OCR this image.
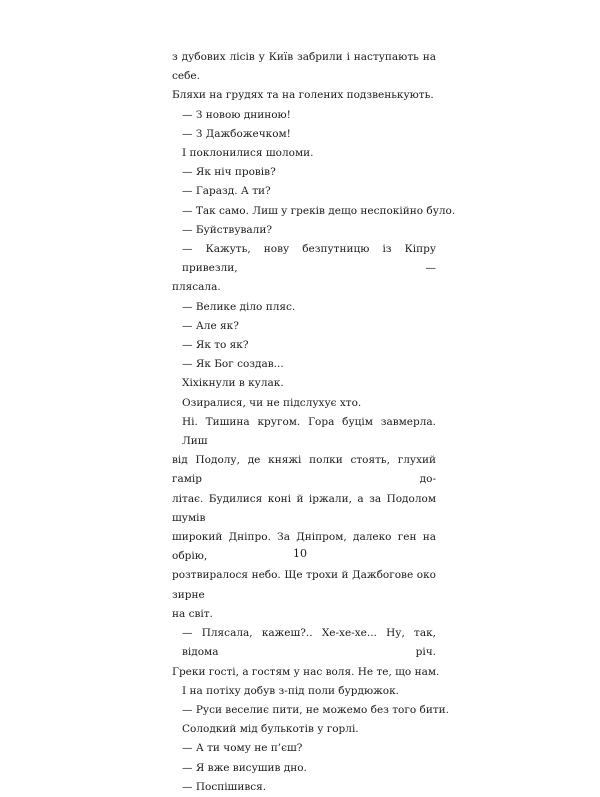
з дубових лісів у Київ забрили і наступають на себе.
Бляхи на грудях та на голених подзвенькують.
— З новою дниною!
— З Дажбожечком!
І поклонилися шоломи.
— Як ніч провів?
— Гаразд. А ти?
— Так само. Лиш у греків дещо неспокійно було.
— Буйствували?
— Кажуть, нову безпутницю із Кіпру привезли, —
плясала.
— Велике діло пляс.
— Але як?
— Як то як?
— Як Бог создав...
Хіхікнули в кулак.
Озиралися, чи не підслухує хто.
Ні. Тишина кругом. Гора буцім завмерла. Лиш
від Подолу, де княжі полки стоять, глухий гамір до-
літає. Будилися коні й іржали, а за Подолом шумів
широкий Дніпро. За Дніпром, далеко ген на обрію,
розтвиралося небо. Ще трохи й Дажбогове око зирне
на світ.
— Плясала, кажеш?.. Хе-хе-хе... Ну, так, відома річ.
Греки гості, а гостям у нас воля. Не те, що нам.
І на потіху добув з-під поли бурдюжок.
— Руси веселиє пити, не можемо без того бити.
Солодкий мід булькотів у горлі.
— А ти чому не п’єш?
— Я вже висушив дно.
— Поспішився.
10
